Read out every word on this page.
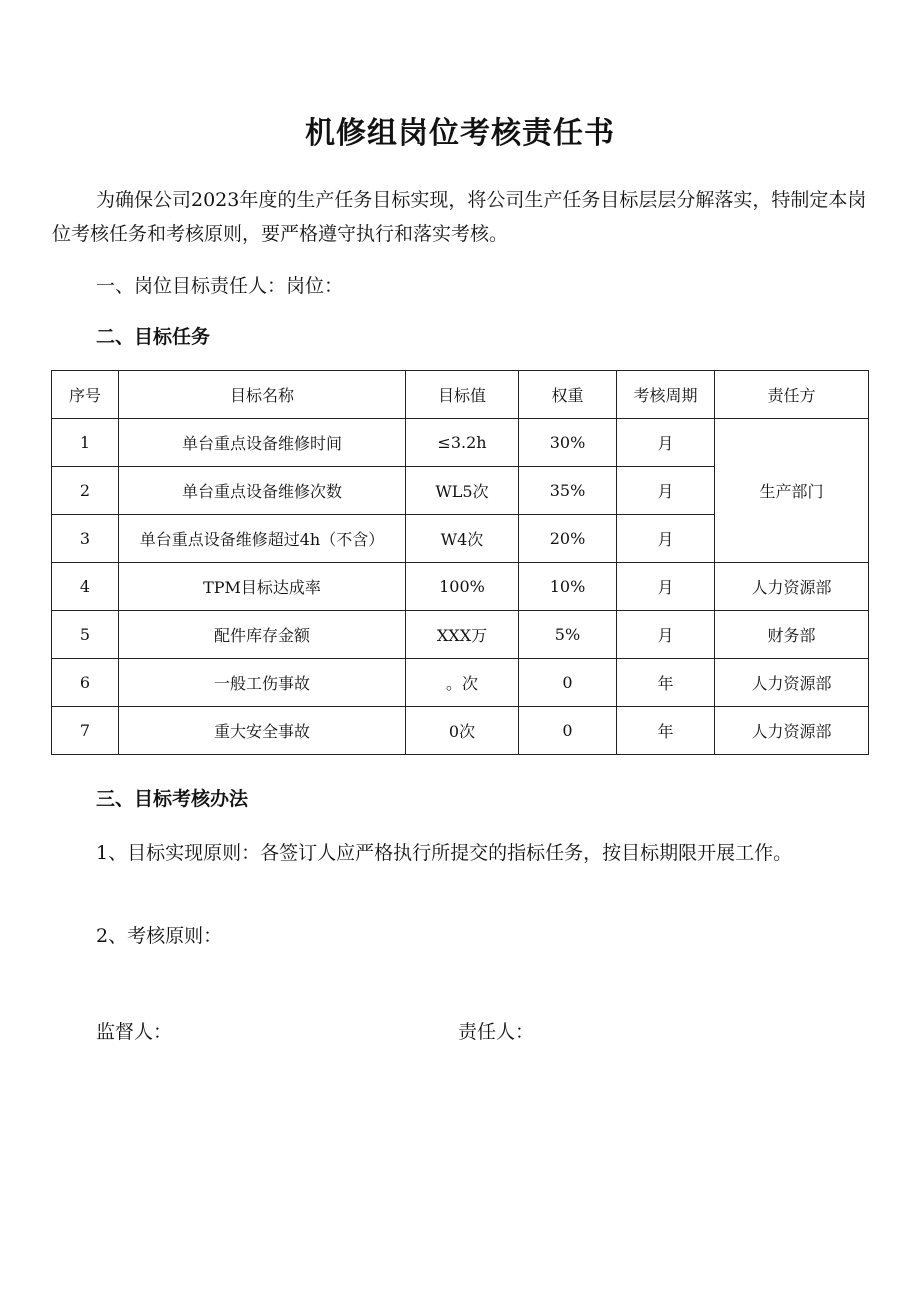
机修组岗位考核责任书
为确保公司2023年度的生产任务目标实现，将公司生产任务目标层层分解落实，特制定本岗位考核任务和考核原则，要严格遵守执行和落实考核。
一、岗位目标责任人：岗位：
二、目标任务
序号	目标名称	目标值	权重	考核周期	责任方
1	单台重点设备维修时间	≤3.2h	30%	月	生产部门
2	单台重点设备维修次数	WL5次	35%	月	
3	单台重点设备维修超过4h（不含）	W4次	20%	月	
4	TPM目标达成率	100%	10%	月	人力资源部
5	配件库存金额	XXX万	5%	月	财务部
6	一般工伤事故	。次	0	年	人力资源部
7	重大安全事故	0次	0	年	人力资源部
三、目标考核办法
1、目标实现原则：各签订人应严格执行所提交的指标任务，按目标期限开展工作。
2、考核原则：
监督人：	责任人：
